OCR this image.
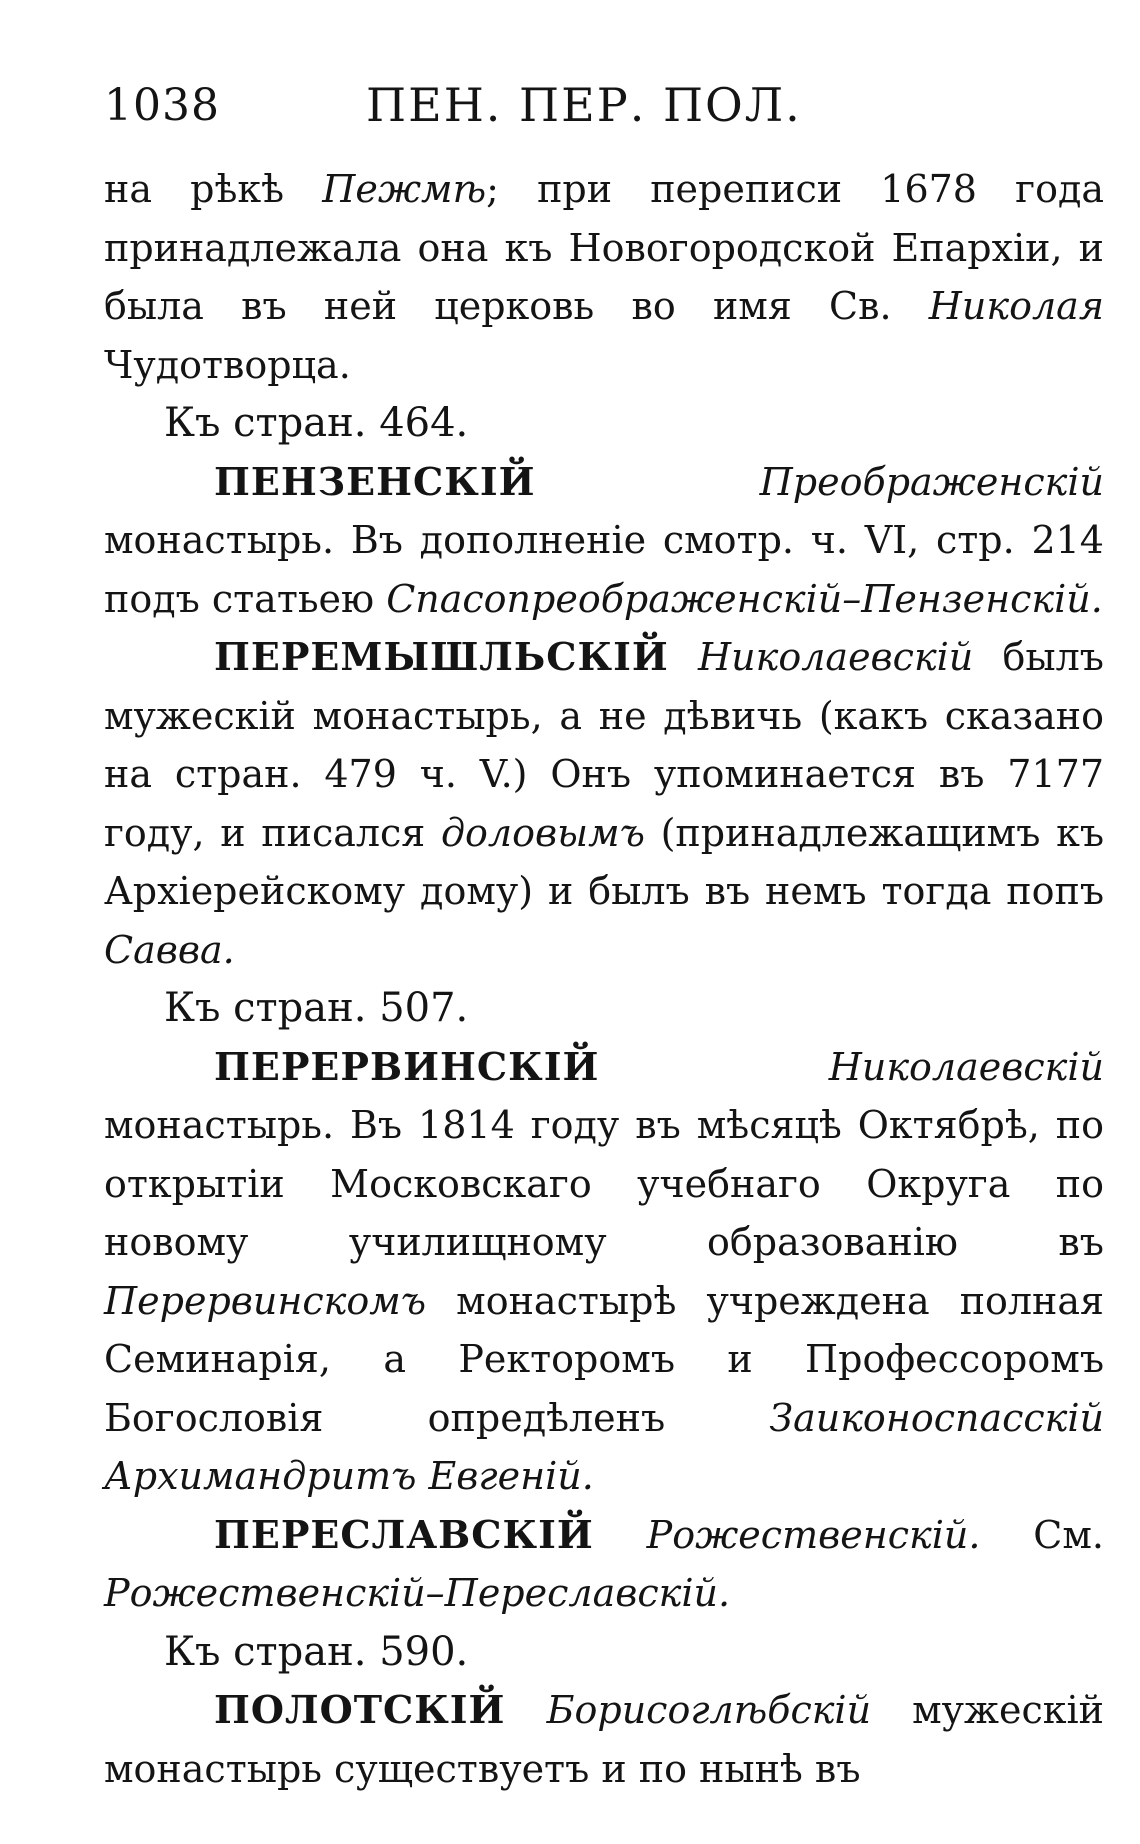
1038	ПЕН. ПЕР. ПОЛ.

на рѣкѣ Пежмѣ; при переписи 1678 года принадлежала она къ Новогородской Епархіи, и была въ ней церковь во имя Св. Николая Чудотворца.

Къ стран. 464.

ПЕНЗЕНСКІЙ	Преображенскій монастырь. Въ дополненіе смотр. ч. VI, стр. 214 подъ статьею Спасопреображенскій–Пензенскій.

ПЕРЕМЫШЛЬСКІЙ Николаевскій былъ мужескій монастырь, а не дѣвичь (какъ сказано на стран. 479 ч. V.) Онъ упоминается въ 7177 году, и писался доловымъ (принадлежащимъ къ Архіерейскому дому) и былъ въ немъ тогда попъ Савва.

Къ стран. 507.

ПЕРЕРВИНСКІЙ	Николаевскій монастырь. Въ 1814 году въ мѣсяцѣ Октябрѣ, по открытіи Московскаго учебнаго Округа по новому училищному образованію въ Перервинскомъ монастырѣ учреждена полная Семинарія, а Ректоромъ и Профессоромъ Богословія опредѣленъ Заиконоспасскій Архимандритъ Евгеній.

ПЕРЕСЛАВСКІЙ Рожественскій. См. Рожественскій–Переславскій.

Къ стран. 590.

ПОЛОТСКІЙ Борисоглѣбскій мужескій монастырь существуетъ и по нынѣ въ
